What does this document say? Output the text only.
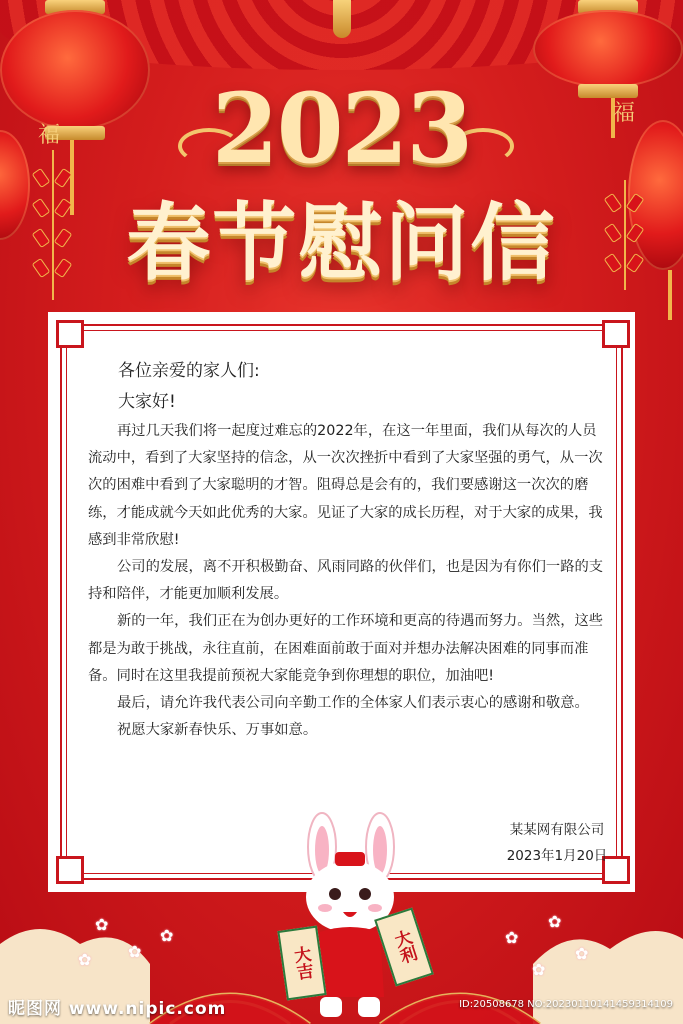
福
福
2023
春节慰问信

各位亲爱的家人们:

大家好!

再过几天我们将一起度过难忘的2022年，在这一年里面，我们从每次的人员流动中，看到了大家坚持的信念，从一次次挫折中看到了大家坚强的勇气，从一次次的困难中看到了大家聪明的才智。阻碍总是会有的，我们要感谢这一次次的磨练，才能成就今天如此优秀的大家。见证了大家的成长历程，对于大家的成果，我感到非常欣慰!

公司的发展，离不开积极勤奋、风雨同路的伙伴们，也是因为有你们一路的支持和陪伴，才能更加顺利发展。

新的一年，我们正在为创办更好的工作环境和更高的待遇而努力。当然，这些都是为敢于挑战，永往直前，在困难面前敢于面对并想办法解决困难的同事而准备。同时在这里我提前预祝大家能竞争到你理想的职位，加油吧!

最后，请允许我代表公司向辛勤工作的全体家人们表示衷心的感谢和敬意。

祝愿大家新春快乐、万事如意。

某某网有限公司
2023年1月20日
✿
✿
✿
✿
✿
✿
✿
✿
大吉	大利
昵图网 www.nipic.com	ID:20508678 NO:20230110141459314109
